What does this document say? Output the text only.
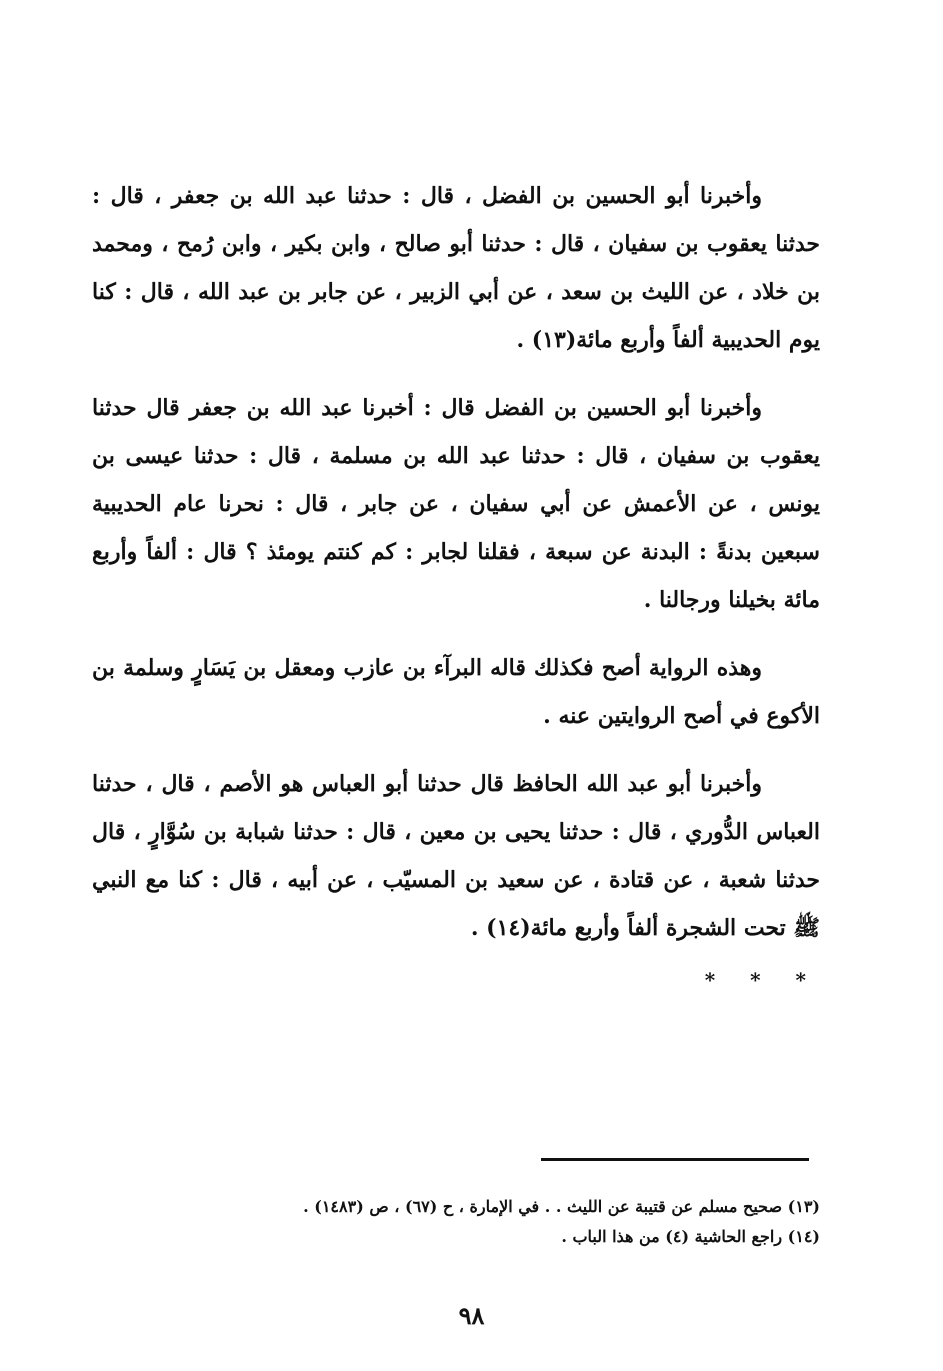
وأخبرنا أبو الحسين بن الفضل ، قال : حدثنا عبد الله بن جعفر ، قال : حدثنا يعقوب بن سفيان ، قال : حدثنا أبو صالح ، وابن بكير ، وابن رُمح ، ومحمد بن خلاد ، عن الليث بن سعد ، عن أبي الزبير ، عن جابر بن عبد الله ، قال : كنا يوم الحديبية ألفاً وأربع مائة(١٣) .

وأخبرنا أبو الحسين بن الفضل قال : أخبرنا عبد الله بن جعفر قال حدثنا يعقوب بن سفيان ، قال : حدثنا عبد الله بن مسلمة ، قال : حدثنا عيسى بن يونس ، عن الأعمش عن أبي سفيان ، عن جابر ، قال : نحرنا عام الحديبية سبعين بدنةً : البدنة عن سبعة ، فقلنا لجابر : كم كنتم يومئذ ؟ قال : ألفاً وأربع مائة بخيلنا ورجالنا .

وهذه الرواية أصح فكذلك قاله البرآء بن عازب ومعقل بن يَسَارٍ وسلمة بن الأكوع في أصح الروايتين عنه .

وأخبرنا أبو عبد الله الحافظ قال حدثنا أبو العباس هو الأصم ، قال ، حدثنا العباس الدُّوري ، قال : حدثنا يحيى بن معين ، قال : حدثنا شبابة بن سُوَّارٍ ، قال حدثنا شعبة ، عن قتادة ، عن سعيد بن المسيّب ، عن أبيه ، قال : كنا مع النبي ﷺ تحت الشجرة ألفاً وأربع مائة(١٤) .

* * *

(١٣) صحيح مسلم عن قتيبة عن الليث . . في الإمارة ، ح (٦٧) ، ص (١٤٨٣) .

(١٤) راجع الحاشية (٤) من هذا الباب .

٩٨
